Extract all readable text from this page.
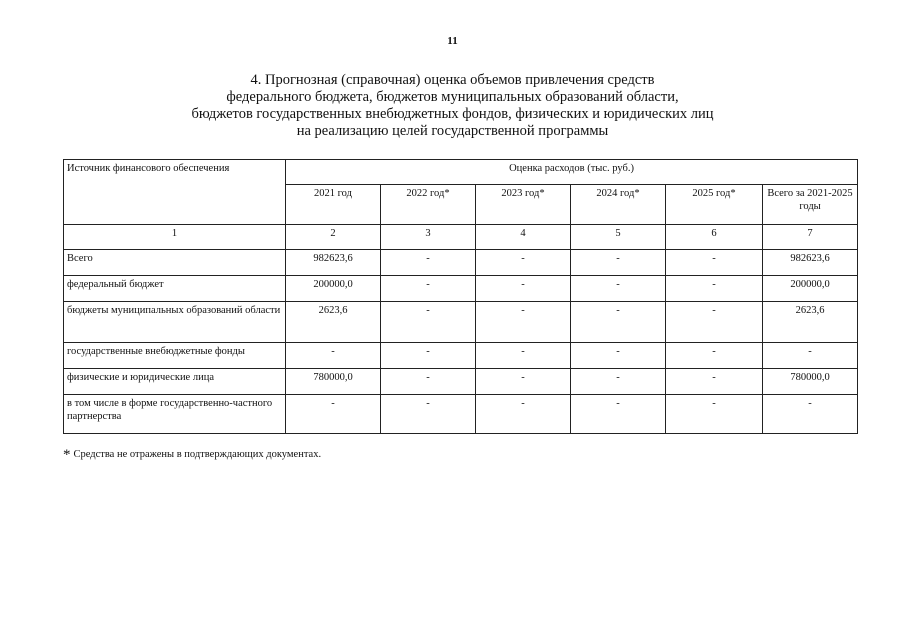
11
4. Прогнозная (справочная) оценка объемов привлечения средств
федерального бюджета, бюджетов муниципальных образований области,
бюджетов государственных внебюджетных фондов, физических и юридических лиц
на реализацию целей государственной программы
Источник финансового обеспечения	Оценка расходов (тыс. руб.)					
	2021 год	2022 год*	2023 год*	2024 год*	2025 год*	Всего за 2021-2025 годы
1	2	3	4	5	6	7
Всего	982623,6	-	-	-	-	982623,6
федеральный бюджет	200000,0	-	-	-	-	200000,0
бюджеты муниципальных образований области	2623,6	-	-	-	-	2623,6
государственные внебюджетные фонды	-	-	-	-	-	-
физические и юридические лица	780000,0	-	-	-	-	780000,0
в том числе в форме государственно-частного партнерства	-	-	-	-	-	-
* Средства не отражены в подтверждающих документах.
